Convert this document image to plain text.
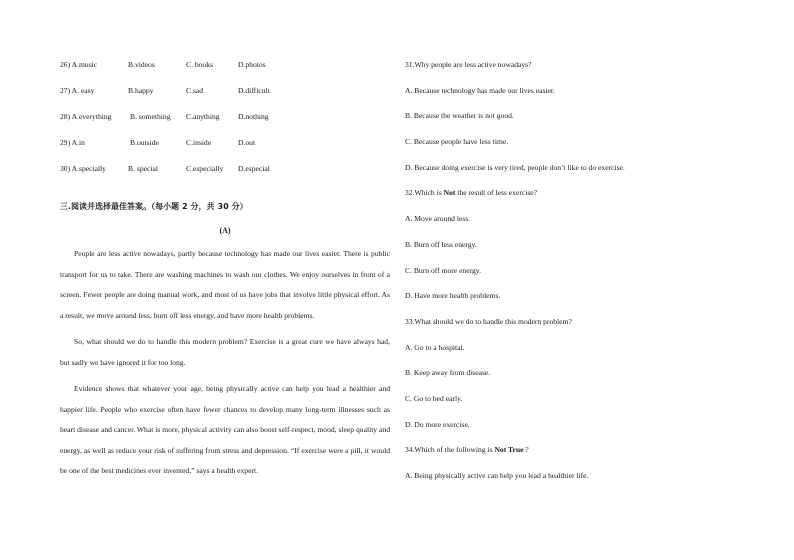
26) A.music	B.videos	C. books	D.photos
27) A. easy	B.happy	C.sad	D.difficult
28) A.everything B. something C.anything D.nothing
29) A.in	B.outside	C.inside	D.out
30) A.specially	B. special	C.especially D.especial
三.阅读并选择最佳答案。（每小题 2 分，共 30 分）
(A)

People are less active nowadays, partly because technology has made our lives easier. There is public transport for us to take. There are washing machines to wash our clothes. We enjoy ourselves in front of a screen. Fewer people are doing manual work, and most of us have jobs that involve little physical effort. As a result, we move around less, burn off less energy, and have more health problems.

So, what should we do to handle this modern problem? Exercise is a great cure we have always had, but sadly we have ignored it for too long.

Evidence shows that whatever your age, being physically active can help you lead a healthier and happier life. People who exercise often have fewer chances to develop many long-term illnesses such as heart disease and cancer. What is more, physical activity can also boost self-respect, mood, sleep quality and energy, as well as reduce your risk of suffering from stress and depression. “If exercise were a pill, it would be one of the best medicines ever invented,” says a health expert.

31.Why people are less active nowadays?
A. Because technology has made our lives easier.
B. Because the weather is not good.
C. Because people have less time.
D. Because doing exercise is very tired, people don’t like to do exercise.
32.Which is Not the result of less exercise?
A. Move around less.
B. Burn off less energy.
C. Burn off more energy.
D. Have more health problems.
33.What should we do to handle this modern problem?
A. Go to a hospital.
B. Keep away from disease.
C. Go to bed early.
D. Do more exercise.
34.Which of the following is Not True ?
A. Being physically active can help you lead a healthier life.
